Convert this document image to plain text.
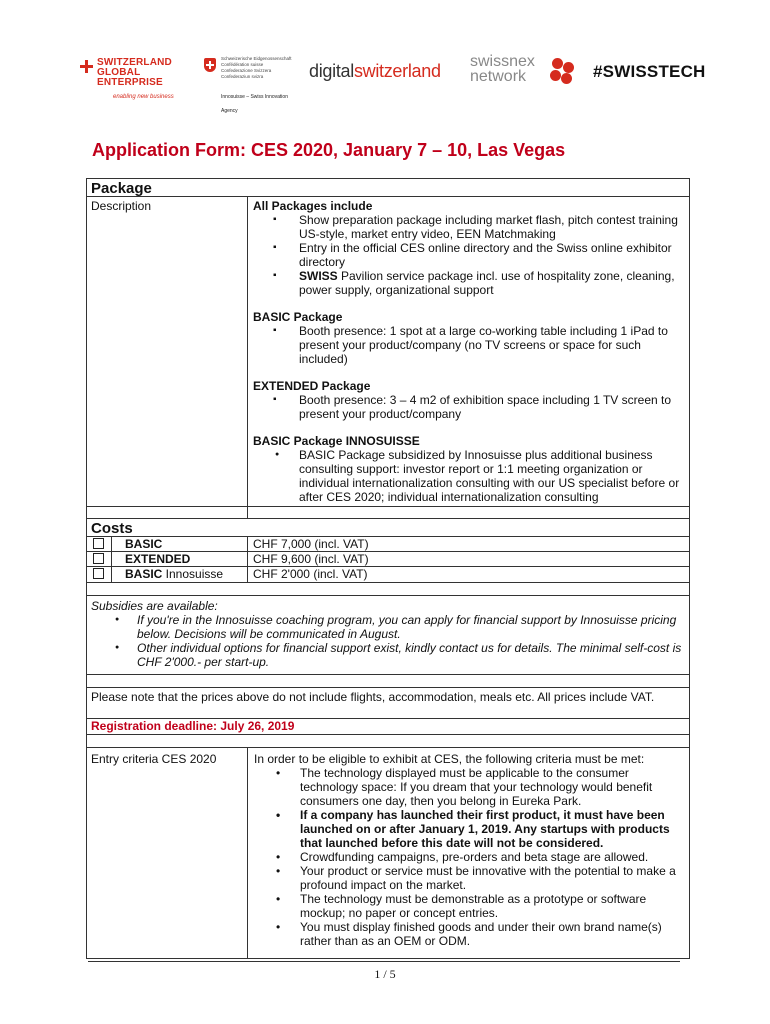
SWITZERLAND
GLOBAL
ENTERPRISE
enabling new business
Schweizerische Eidgenossenschaft
Confédération suisse
Confederazione Svizzera
Confederaziun svizra
Innosuisse – Swiss Innovation Agency
digitalswitzerland swissnex
network	#SWISSTECH
Application Form: CES 2020, January 7 – 10, Las Vegas
Package
Description	All Packages include
▪ Show preparation package including market flash, pitch contest training US-style, market entry video, EEN Matchmaking
▪ Entry in the official CES online directory and the Swiss online exhibitor directory
▪ SWISS Pavilion service package incl. use of hospitality zone, cleaning, power supply, organizational support
BASIC Package
▪ Booth presence: 1 spot at a large co-working table including 1 iPad to present your product/company (no TV screens or space for such included)
EXTENDED Package
▪ Booth presence: 3 – 4 m2 of exhibition space including 1 TV screen to present your product/company
BASIC Package INNOSUISSE
● BASIC Package subsidized by Innosuisse plus additional business consulting support: investor report or 1:1 meeting organization or individual internationalization consulting with our US specialist before or after CES 2020; individual internationalization consulting
Costs
BASIC	CHF 7,000 (incl. VAT)
EXTENDED	CHF 9,600 (incl. VAT)
BASIC Innosuisse	CHF 2'000 (incl. VAT)
Subsidies are available:
● If you're in the Innosuisse coaching program, you can apply for financial support by Innosuisse pricing below. Decisions will be communicated in August.
● Other individual options for financial support exist, kindly contact us for details. The minimal self-cost is CHF 2'000.- per start-up.
Please note that the prices above do not include flights, accommodation, meals etc. All prices include VAT.
Registration deadline: July 26, 2019
Entry criteria CES 2020	In order to be eligible to exhibit at CES, the following criteria must be met:
• The technology displayed must be applicable to the consumer technology space: If you dream that your technology would benefit consumers one day, then you belong in Eureka Park.
• If a company has launched their first product, it must have been launched on or after January 1, 2019. Any startups with products that launched before this date will not be considered.
• Crowdfunding campaigns, pre-orders and beta stage are allowed.
• Your product or service must be innovative with the potential to make a profound impact on the market.
• The technology must be demonstrable as a prototype or software mockup; no paper or concept entries.
• You must display finished goods and under their own brand name(s) rather than as an OEM or ODM.
1 / 5
